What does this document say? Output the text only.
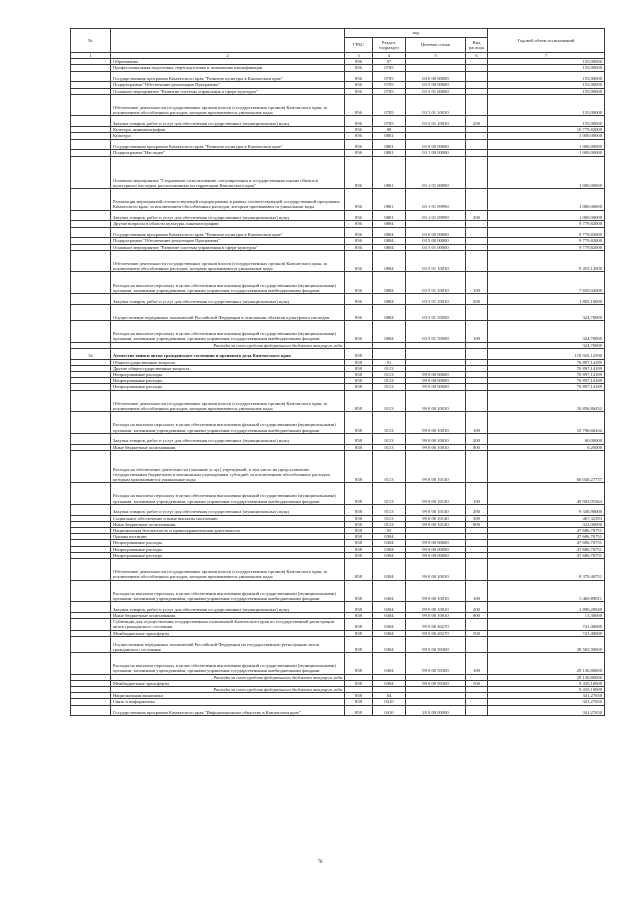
№		код				Годовой объем ассигнований
		ГРБС	Раздел, подраздел	Целевая статья	Вид расхода	
1	2	3	4	5	6	7
	Образование	856	07			155,00000
	Профессиональная подготовка, переподготовка и повышение квалификации	856	0705			155,00000
	Государственная программа Камчатского края "Развитие культуры в Камчатском крае"	856	0705	03 0 00 00000		155,00000
	Подпрограмма "Обеспечение реализации Программы"	856	0705	03 5 00 00000		155,00000
	Основное мероприятие "Развитие системы управления в сфере культуры"	856	0705	03 5 01 00000		155,00000
	Обеспечение деятельности государственных органов власти (государственных органов) Камчатского края, за исключением обособленных расходов, которым присваиваются уникальные коды	856	0705	03 5 01 10010		155,00000
	Закупка товаров, работ и услуг для обеспечения государственных (муниципальных) нужд	856	0705	03 5 01 10010	200	155,00000
	Культура, кинематография	856	08			10 779,82000
	Культура	856	0801			1 000,00000
	Государственная программа Камчатского края "Развитие культуры в Камчатском крае"	856	0801	03 0 00 00000		1 000,00000
	Подпрограмма "Наследие"	856	0801	03 1 00 00000		1 000,00000
	Основное мероприятие "Сохранение, использование, популяризация и государственная охрана объектов культурного наследия, расположенных на территории Камчатского края"	856	0801	03 1 01 00000		1 000,00000
	Реализация мероприятий соответствующей подпрограммы в рамках соответствующей государственной программы Камчатского края, за исключением обособленных расходов, которым присваиваются уникальные коды	856	0801	03 1 01 09990		1 000,00000
	Закупка товаров, работ и услуг для обеспечения государственных (муниципальных) нужд	856	0801	03 1 01 09990	200	1 000,00000
	Другие вопросы в области культуры, кинематографии	856	0804			9 779,82000
	Государственная программа Камчатского края "Развитие культуры в Камчатском крае"	856	0804	03 0 00 00000		9 779,82000
	Подпрограмма "Обеспечение реализации Программы"	856	0804	03 5 00 00000		9 779,82000
	Основное мероприятие "Развитие системы управления в сфере культуры"	856	0804	03 5 01 00000		9 779,82000
	Обеспечение деятельности государственных органов власти (государственных органов) Камчатского края, за исключением обособленных расходов, которым присваиваются уникальные коды	856	0804	03 5 01 10010		9 455,12000
	Расходы на выплаты персоналу в целях обеспечения выполнения функций государственными (муниципальными) органами, казенными учреждениями, органами управления государственными внебюджетными фондами	856	0804	03 5 01 10010	100	7 650,02000
	Закупка товаров, работ и услуг для обеспечения государственных (муниципальных) нужд	856	0804	03 5 01 10010	200	1 805,10000
	Осуществление переданных полномочий Российской Федерации в отношении объектов культурного наследия	856	0804	03 5 01 59500		324,70000
	Расходы на выплаты персоналу в целях обеспечения выполнения функций государственными (муниципальными) органами, казенными учреждениями, органами управления государственными внебюджетными фондами	856	0804	03 5 01 59500	100	324,70000
	Расходы за счет средств федерального бюджета текущего года					324,70000
32	Агентство записи актов гражданского состояния и архивного дела Камчатского края	858				118 925,12590
	Общегосударственные вопросы	858	01			70 897,14189
	Другие общегосударственные вопросы	858	0113			70 897,14189
	Непрограммные расходы	858	0113	99 0 00 00000		70 897,14189
	Непрограммные расходы	858	0113	99 0 00 00000		70 897,14189
	Непрограммные расходы	858	0113	99 0 00 00000		70 897,14189
	Обеспечение деятельности государственных органов власти (государственных органов) Камчатского края, за исключением обособленных расходов, которым присваиваются уникальные коды	858	0113	99 0 00 10010		10 856,86432
	Расходы на выплаты персоналу в целях обеспечения выполнения функций государственными (муниципальными) органами, казенными учреждениями, органами управления государственными внебюджетными фондами	858	0113	99 0 00 10010	100	10 796,66432
	Закупка товаров, работ и услуг для обеспечения государственных (муниципальных) нужд	858	0113	99 0 00 10010	200	60,00000
	Иные бюджетные ассигнования	858	0113	99 0 00 10010	800	0,20000
	Расходы на обеспечение деятельности (оказание услуг) учреждений, в том числе на предоставление государственным бюджетным и автономным учреждениям субсидий, за исключением обособленных расходов, которым присваиваются уникальные коды	858	0113	99 0 00 10140		60 040,27757
	Расходы на выплаты персоналу в целях обеспечения выполнения функций государственными (муниципальными) органами, казенными учреждениями, органами управления государственными внебюджетными фондами	858	0113	99 0 00 10140	100	49 903,05364
	Закупка товаров, работ и услуг для обеспечения государственных (муниципальных) нужд	858	0113	99 0 00 10140	200	9 346,90000
	Социальное обеспечение и иные выплаты населению	858	0113	99 0 00 10140	300	467,32393
	Иные бюджетные ассигнования	858	0113	99 0 00 10140	800	323,00000
	Национальная безопасность и правоохранительная деятельность	858	03			47 686,70751
	Органы юстиции	858	0304			47 686,70751
	Непрограммные расходы	858	0304	99 0 00 00000		47 686,70751
	Непрограммные расходы	858	0304	99 0 00 00000		47 686,70751
	Непрограммные расходы	858	0304	99 0 00 00000		47 686,70751
	Обеспечение деятельности государственных органов власти (государственных органов) Камчатского края, за исключением обособленных расходов, которым присваиваются уникальные коды	858	0304	99 0 00 10010		8 379,40751
	Расходы на выплаты персоналу в целях обеспечения выполнения функций государственными (муниципальными) органами, казенными учреждениями, органами управления государственными внебюджетными фондами	858	0304	99 0 00 10010	100	5 469,89811
	Закупка товаров, работ и услуг для обеспечения государственных (муниципальных) нужд	858	0304	99 0 00 10010	200	2 896,20940
	Иные бюджетные ассигнования	858	0304	99 0 00 10010	800	13,30000
	Субвенции для осуществления государственных полномочий Камчатского края по государственной регистрации актов гражданского состояния	858	0304	99 0 00 40270		741,40000
	Межбюджетные трансферты	858	0304	99 0 00 40270	500	741,40000
	Осуществление переданных полномочий Российской Федерации на государственную регистрацию актов гражданского состояния	858	0304	99 0 00 59300		38 565,90000
	Расходы на выплаты персоналу в целях обеспечения выполнения функций государственными (муниципальными) органами, казенными учреждениями, органами управления государственными внебюджетными фондами	858	0304	99 0 00 59300	100	29 130,80000
	Расходы за счет средств федерального бюджета текущего года					29 130,80000
	Межбюджетные трансферты	858	0304	99 0 00 59300	500	9 435,10000
	Расходы за счет средств федерального бюджета текущего года					9 435,10000
	Национальная экономика	858	04			341,27650
	Связь и информатика	858	0410			341,27650
	Государственная программа Камчатского края "Информационное общество в Камчатском крае"	858	0410	20 0 00 00000		341,27650
78
